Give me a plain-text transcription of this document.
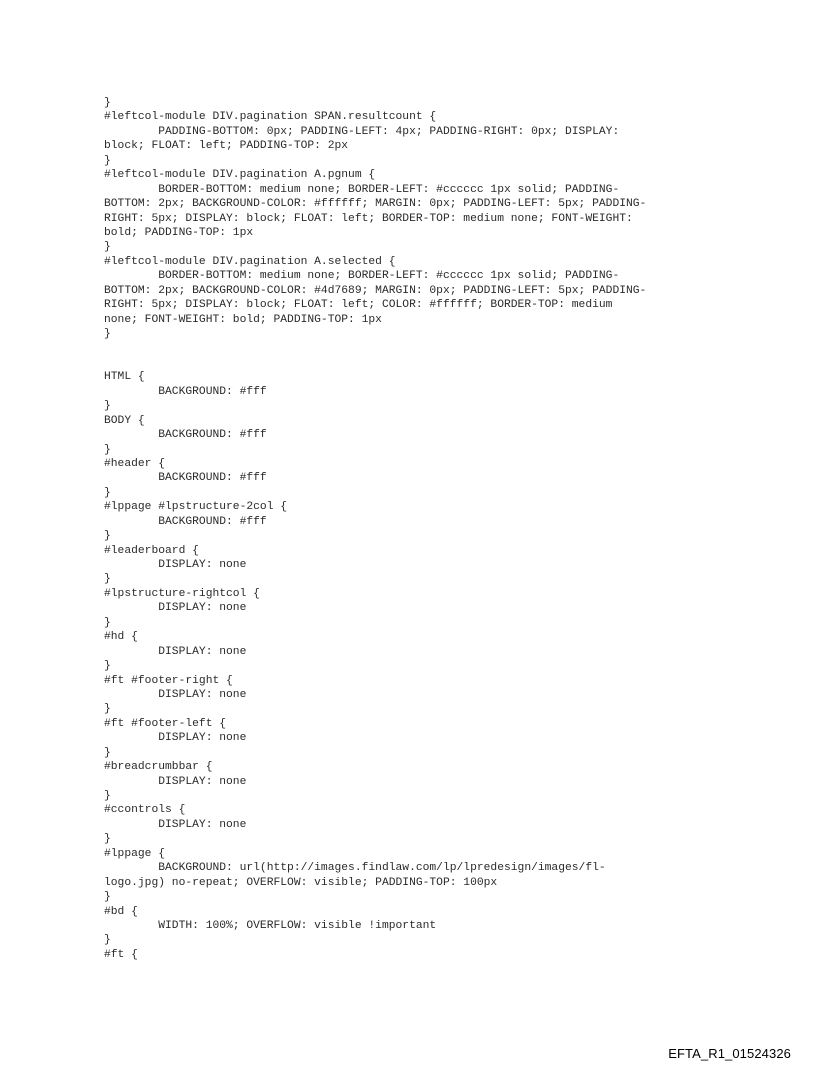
}
#leftcol-module DIV.pagination SPAN.resultcount {
PADDING-BOTTOM: 0px; PADDING-LEFT: 4px; PADDING-RIGHT: 0px; DISPLAY:
block; FLOAT: left; PADDING-TOP: 2px
}
#leftcol-module DIV.pagination A.pgnum {
BORDER-BOTTOM: medium none; BORDER-LEFT: #cccccc 1px solid; PADDING-
BOTTOM: 2px; BACKGROUND-COLOR: #ffffff; MARGIN: 0px; PADDING-LEFT: 5px; PADDING-
RIGHT: 5px; DISPLAY: block; FLOAT: left; BORDER-TOP: medium none; FONT-WEIGHT:
bold; PADDING-TOP: 1px
}
#leftcol-module DIV.pagination A.selected {
BORDER-BOTTOM: medium none; BORDER-LEFT: #cccccc 1px solid; PADDING-
BOTTOM: 2px; BACKGROUND-COLOR: #4d7689; MARGIN: 0px; PADDING-LEFT: 5px; PADDING-
RIGHT: 5px; DISPLAY: block; FLOAT: left; COLOR: #ffffff; BORDER-TOP: medium
none; FONT-WEIGHT: bold; PADDING-TOP: 1px
}
HTML {
BACKGROUND: #fff
}
BODY {
BACKGROUND: #fff
}
#header {
BACKGROUND: #fff
}
#lppage #lpstructure-2col {
BACKGROUND: #fff
}
#leaderboard {
DISPLAY: none
}
#lpstructure-rightcol {
DISPLAY: none
}
#hd {
DISPLAY: none
}
#ft #footer-right {
DISPLAY: none
}
#ft #footer-left {
DISPLAY: none
}
#breadcrumbbar {
DISPLAY: none
}
#ccontrols {
DISPLAY: none
}
#lppage {
BACKGROUND: url(http://images.findlaw.com/lp/lpredesign/images/fl-
logo.jpg) no-repeat; OVERFLOW: visible; PADDING-TOP: 100px
}
#bd {
WIDTH: 100%; OVERFLOW: visible !important
}
#ft {
EFTA_R1_01524326
